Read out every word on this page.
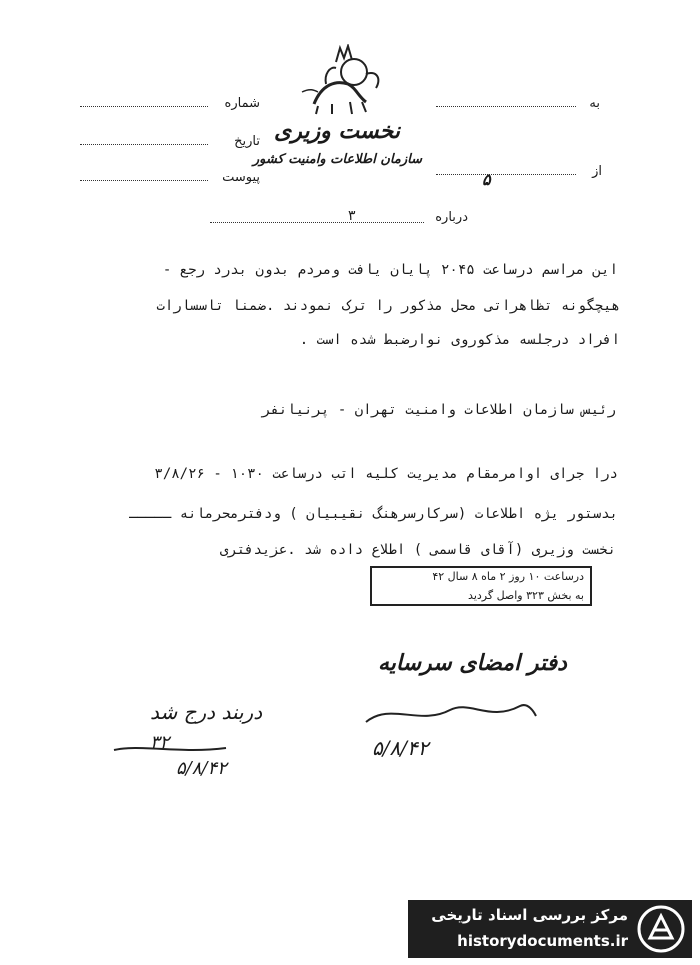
نخست وزیری
سازمان اطلاعات وامنیت کشور
شماره
تاریخ
پیوست
به
از
۵
درباره
۳
این مراسم درساعت ۲۰۴۵ پایان یافت ومردم بدون بدرد رجع -
هیچگونه تظاهراتی محل مذکور را ترک نمودند .ضمنا تاسسارات
افراد درجلسه مذکوروی نوارضبط شده است .
رئیس سازمان اطلاعات وامنیت تهران - پرنیانفر
درا جرای اوامرمقام مدیریت کلیه اتب درساعت ۱۰۳۰ - ۳/۸/۲۶
بدستور یژه اطلاعات (سرکارسرهنگ نقیبیان ) ودفترمحرمانه ـــــ
نخست وزیری (آقای قاسمی ) اطلاع داده شد .عزیدفتری
درساعت ۱۰ روز ۲ ماه ۸ سال ۴۲
به بخش ۳۲۳ واصل گردید
دفتر امضای سرسایه
۵/۸/۴۲
دربند درج شد
۳۲
۵/۸/۴۲
مرکز بررسی اسناد تاریخی
historydocuments.ir
